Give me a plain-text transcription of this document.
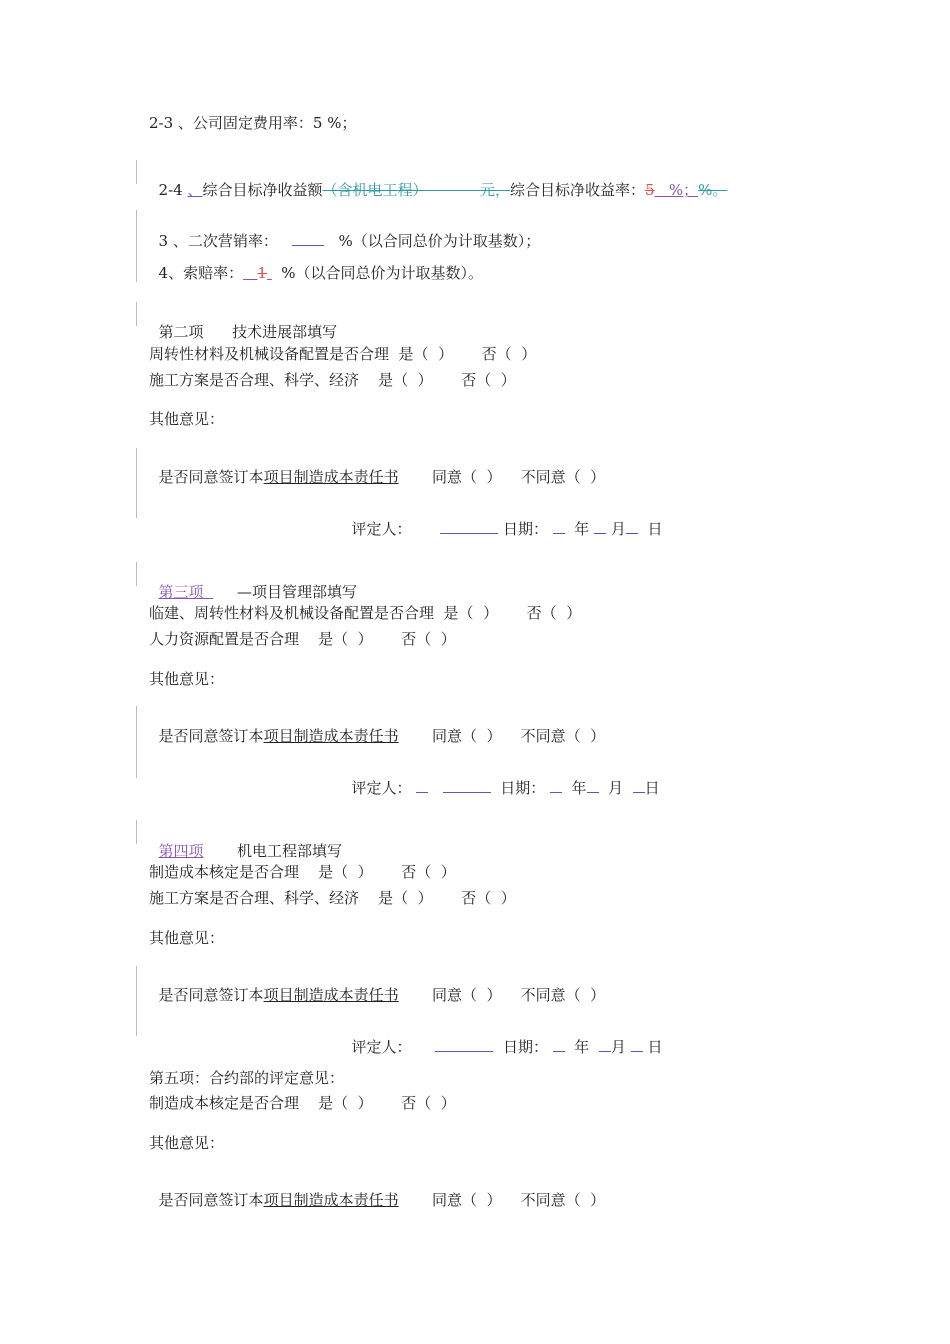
2-3 、公司固定费用率：5 %；

2-4 、综合目标净收益额（含机电工程）	元，综合目标净收益率：5 %；%。

3 、二次营销率：	%（以合同总价为计取基数）；

4、索赔率： 1 %（以合同总价为计取基数）。

第二项 技术进展部填写

周转性材料及机械设备配置是否合理  是（  ）      否（  ）
施工方案是否合理、科学、经济    是（  ）      否（  ）
其他意见：

是否同意签订本项目制造成本责任书 同意（  ）    不同意（  ）

评定人：	日期： 年 月 日

第三项 —项目管理部填写

临建、周转性材料及机械设备配置是否合理  是（  ）      否（  ）
人力资源配置是否合理    是（  ）      否（  ）
其他意见：

是否同意签订本项目制造成本责任书 同意（  ）    不同意（  ）

评定人：	日期： 年 月 日

第四项 机电工程部填写

制造成本核定是否合理    是（  ）      否（  ）
施工方案是否合理、科学、经济    是（  ）      否（  ）
其他意见：

是否同意签订本项目制造成本责任书 同意（  ）    不同意（  ）

评定人：	日期： 年 月 日

第五项：合约部的评定意见：
制造成本核定是否合理    是（  ）      否（  ）
其他意见：

是否同意签订本项目制造成本责任书 同意（  ）    不同意（  ）
